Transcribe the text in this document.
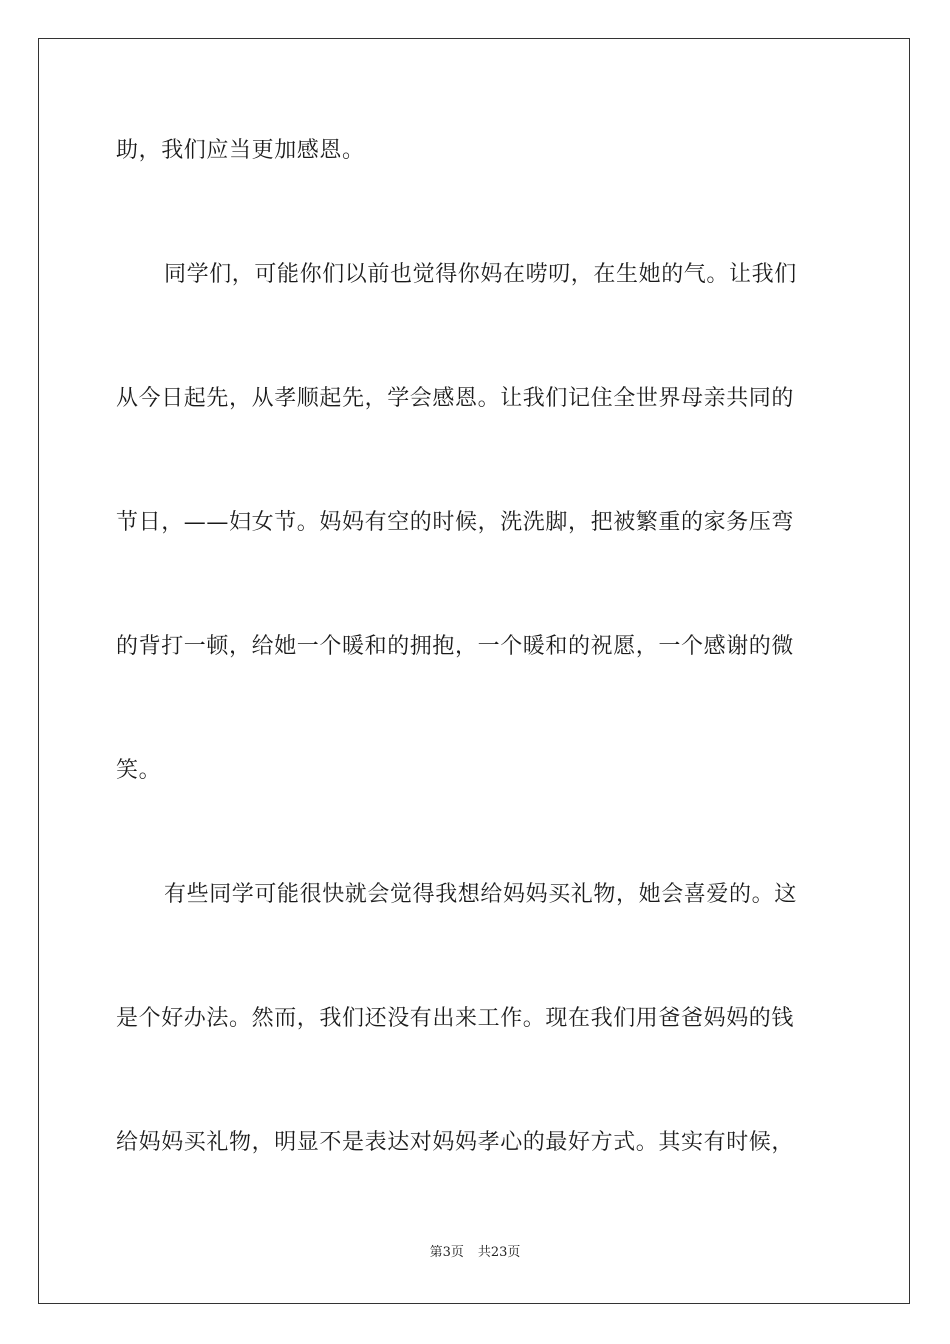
助，我们应当更加感恩。
同学们，可能你们以前也觉得你妈在唠叨，在生她的气。让我们
从今日起先，从孝顺起先，学会感恩。让我们记住全世界母亲共同的
节日，——妇女节。妈妈有空的时候，洗洗脚，把被繁重的家务压弯
的背打一顿，给她一个暖和的拥抱，一个暖和的祝愿，一个感谢的微
笑。
有些同学可能很快就会觉得我想给妈妈买礼物，她会喜爱的。这
是个好办法。然而，我们还没有出来工作。现在我们用爸爸妈妈的钱
给妈妈买礼物，明显不是表达对妈妈孝心的最好方式。其实有时候，
第3页 共23页
